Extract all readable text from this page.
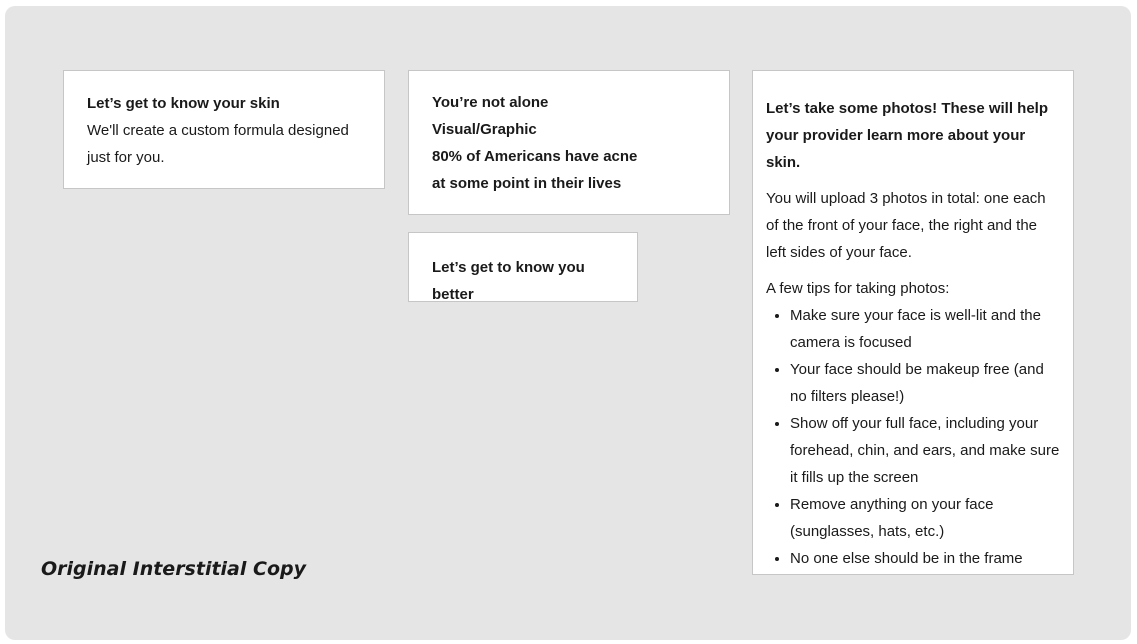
Let’s get to know your skin

We'll create a custom formula designed just for you.

You’re not alone

Visual/Graphic

80% of Americans have acne

at some point in their lives

Let’s get to know you better

Let’s take some photos! These will help your provider learn more about your skin.

You will upload 3 photos in total: one each of the front of your face, the right and the left sides of your face.

A few tips for taking photos:

• Make sure your face is well-lit and the camera is focused
• Your face should be makeup free (and no filters please!)
• Show off your full face, including your forehead, chin, and ears, and make sure it fills up the screen
• Remove anything on your face (sunglasses, hats, etc.)
• No one else should be in the frame

Original Interstitial Copy
